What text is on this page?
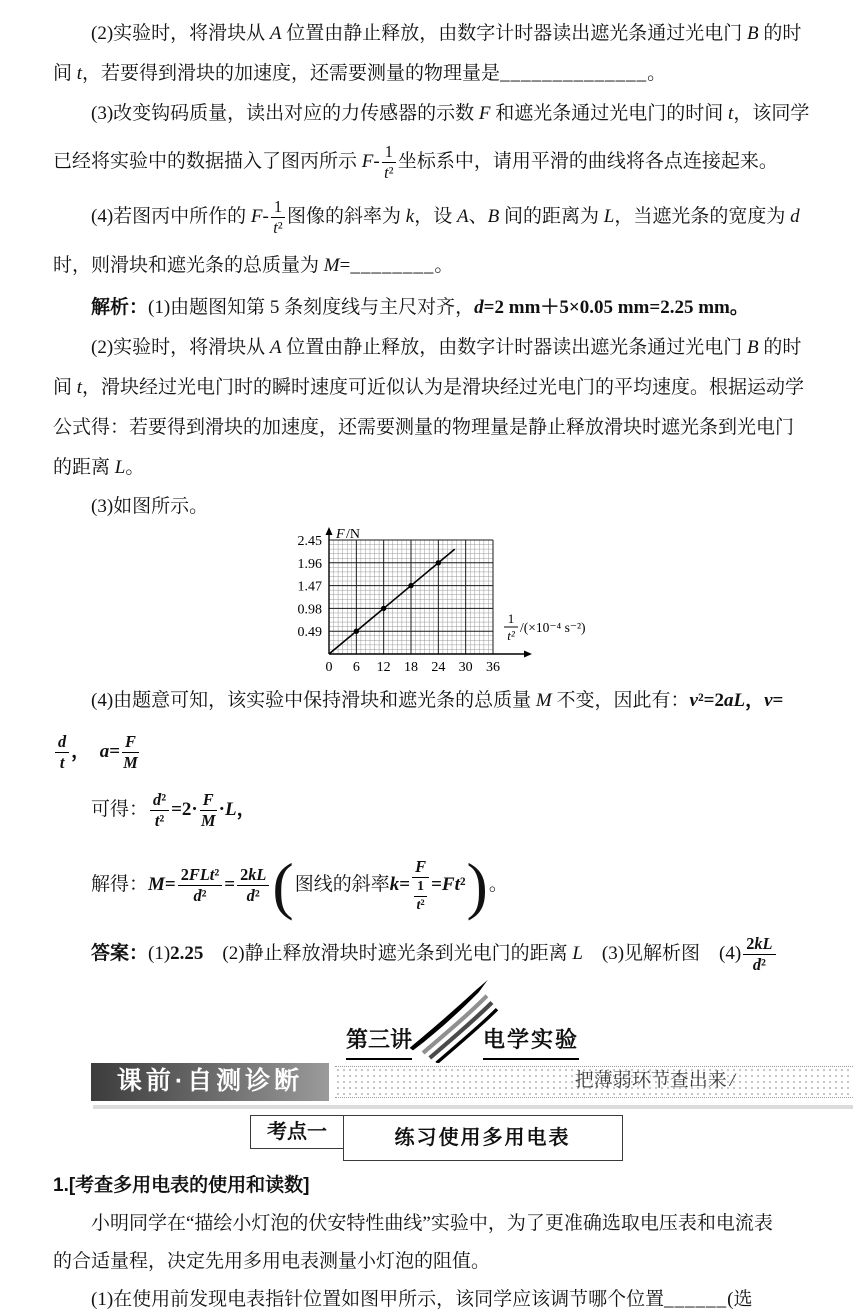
(2)实验时，将滑块从 A 位置由静止释放，由数字计时器读出遮光条通过光电门 B 的时
间 t，若要得到滑块的加速度，还需要测量的物理量是______________。
(3)改变钩码质量，读出对应的力传感器的示数 F 和遮光条通过光电门的时间 t，该同学
已经将实验中的数据描入了图丙所示 $F- \frac{1}{\text{t²}}$ 坐标系中，请用平滑的曲线将各点连接起来。
(4)若图丙中所作的 $F- \frac{1}{\text{t²}}$ 图像的斜率为 k，设 A、B 间的距离为 L，当遮光条的宽度为 d
时，则滑块和遮光条的总质量为 M=________。
解析：(1)由题图知第 5 条刻度线与主尺对齐，d=2 mm＋5×0.05 mm=2.25 mm。
(2)实验时，将滑块从 A 位置由静止释放，由数字计时器读出遮光条通过光电门 B 的时
间 t，滑块经过光电门时的瞬时速度可近似认为是滑块经过光电门的平均速度。根据运动学
公式得：若要得到滑块的加速度，还需要测量的物理量是静止释放滑块时遮光条到光电门
的距离 L。
(3)如图所示。
0.49
0.98
1.47
1.96
2.45
0 6 12 18 24 30 36
F /N
1
t²
/(×10⁻⁴ s⁻²)
(4)由题意可知，该实验中保持滑块和遮光条的总质量 M 不变，因此有：v²=2aL，v=
$\frac{d}{t}$ ，　$a= \frac{F}{M}$
可得： $\frac{\text{d²}}{\text{t²}} =2\cdot \frac{F}{M} \cdot L$，
解得：$M= \frac{\text{2FLt²}}{\text{d²}} = \frac{2kL}{\text{d²}}$ (图线的斜率$k= \frac{F}{\frac{1}{\text{t²}}} =Ft^2$)。
答案：(1)2.25　(2)静止释放滑块时遮光条到光电门的距离 L　(3)见解析图　$(4) \frac{2kL}{\text{d²}}$
第三讲	电学实验
课前·自测诊断	把薄弱环节查出来 /
考点一	练习使用多用电表
1.[考查多用电表的使用和读数]
小明同学在“描绘小灯泡的伏安特性曲线”实验中，为了更准确选取电压表和电流表
的合适量程，决定先用多用电表测量小灯泡的阻值。
(1)在使用前发现电表指针位置如图甲所示，该同学应该调节哪个位置______(选
